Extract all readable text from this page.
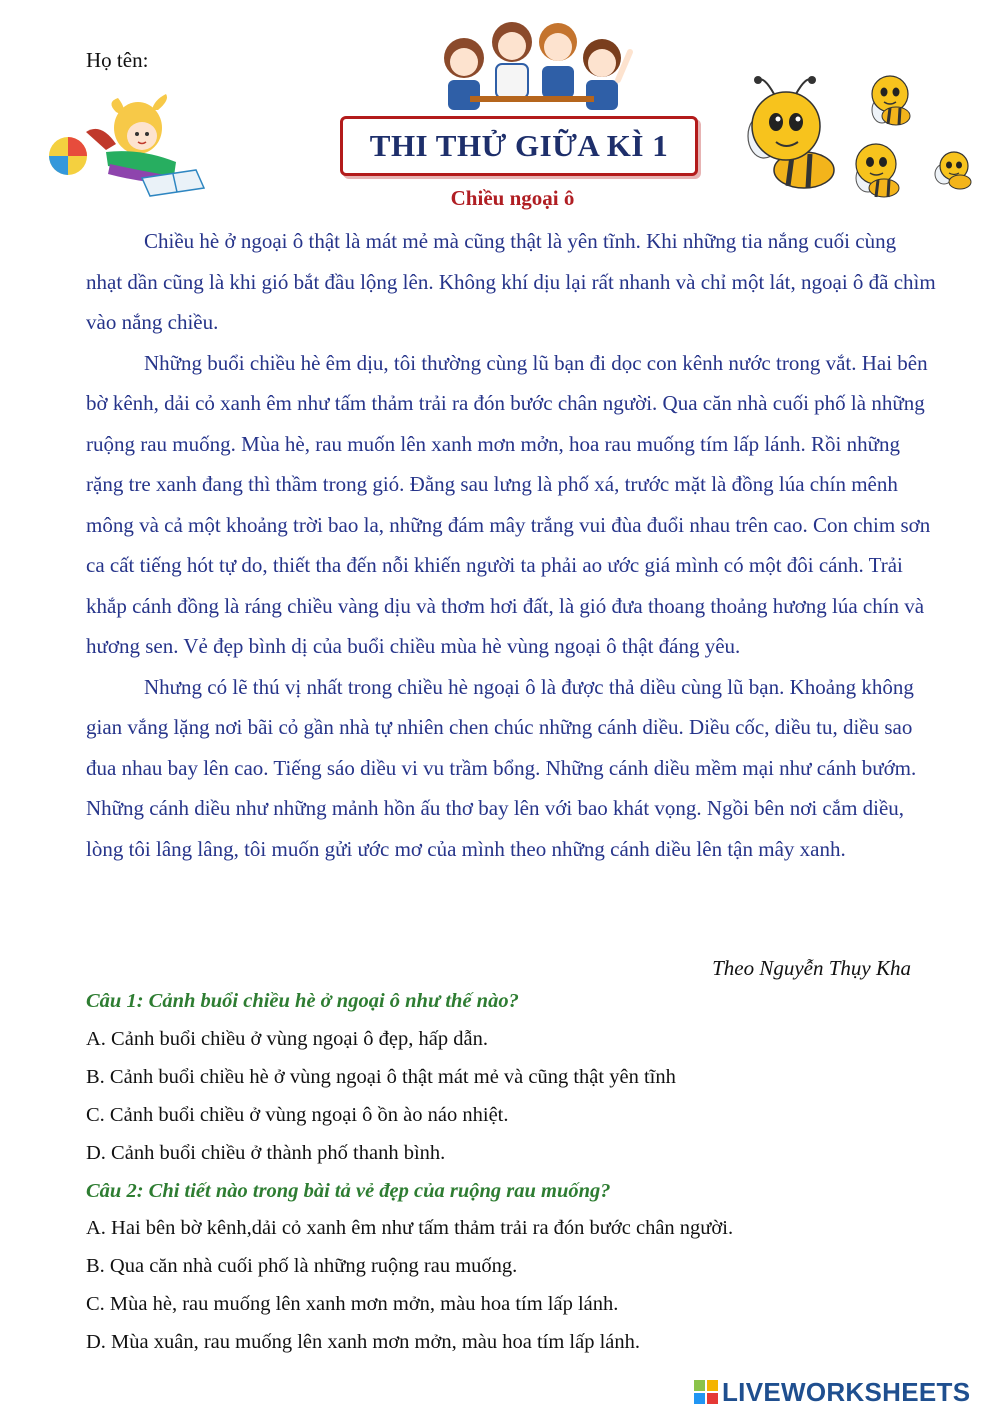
Họ tên:
THI THỬ GIỮA KÌ 1
Chiều ngoại ô

Chiều hè ở ngoại ô thật là mát mẻ mà cũng thật là yên tĩnh. Khi những tia nắng cuối cùng nhạt dần cũng là khi gió bắt đầu lộng lên. Không khí dịu lại rất nhanh và chỉ một lát, ngoại ô đã chìm vào nắng chiều.

Những buổi chiều hè êm dịu, tôi thường cùng lũ bạn đi dọc con kênh nước trong vắt. Hai bên bờ kênh, dải cỏ xanh êm như tấm thảm trải ra đón bước chân người. Qua căn nhà cuối phố là những ruộng rau muống. Mùa hè, rau muốn lên xanh mơn mởn, hoa rau muống tím lấp lánh. Rồi những rặng tre xanh đang thì thầm trong gió. Đằng sau lưng là phố xá, trước mặt là đồng lúa chín mênh mông và cả một khoảng trời bao la, những đám mây trắng vui đùa đuổi nhau trên cao. Con chim sơn ca cất tiếng hót tự do, thiết tha đến nỗi khiến người ta phải ao ước giá mình có một đôi cánh. Trải khắp cánh đồng là ráng chiều vàng dịu và thơm hơi đất, là gió đưa thoang thoảng hương lúa chín và hương sen. Vẻ đẹp bình dị của buổi chiều mùa hè vùng ngoại ô thật đáng yêu.

Nhưng có lẽ thú vị nhất trong chiều hè ngoại ô là được thả diều cùng lũ bạn. Khoảng không gian vắng lặng nơi bãi cỏ gần nhà tự nhiên chen chúc những cánh diều. Diều cốc, diều tu, diều sao đua nhau bay lên cao. Tiếng sáo diều vi vu trầm bổng. Những cánh diều mềm mại như cánh bướm. Những cánh diều như những mảnh hồn ấu thơ bay lên với bao khát vọng. Ngồi bên nơi cắm diều, lòng tôi lâng lâng, tôi muốn gửi ước mơ của mình theo những cánh diều lên tận mây xanh.

Theo Nguyễn Thụy Kha
Câu 1: Cảnh buổi chiều hè ở ngoại ô như thế nào?
A. Cảnh buổi chiều ở vùng ngoại ô đẹp, hấp dẫn.
B. Cảnh buổi chiều hè ở vùng ngoại ô thật mát mẻ và cũng thật yên tĩnh
C. Cảnh buổi chiều ở vùng ngoại ô ồn ào náo nhiệt.
D. Cảnh buổi chiều ở thành phố thanh bình.
Câu 2: Chi tiết nào trong bài tả vẻ đẹp của ruộng rau muống?
A. Hai bên bờ kênh,dải cỏ xanh êm như tấm thảm trải ra đón bước chân người.
B. Qua căn nhà cuối phố là những ruộng rau muống.
C. Mùa hè, rau muống lên xanh mơn mởn, màu hoa tím lấp lánh.
D. Mùa xuân, rau muống lên xanh mơn mởn, màu hoa tím lấp lánh.
LIVEWORKSHEETS
